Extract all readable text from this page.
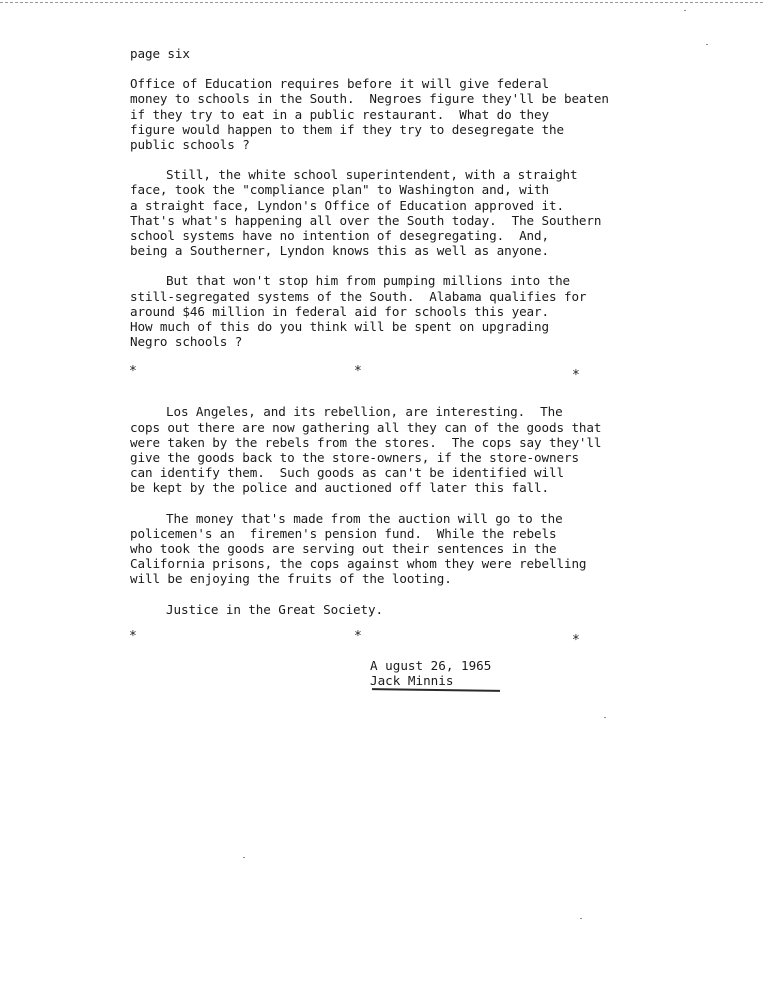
page six
Office of Education requires before it will give federal
money to schools in the South.  Negroes figure they'll be beaten
if they try to eat in a public restaurant.  What do they
figure would happen to them if they try to desegregate the
public schools ?
Still, the white school superintendent, with a straight
face, took the "compliance plan" to Washington and, with
a straight face, Lyndon's Office of Education approved it.
That's what's happening all over the South today.  The Southern
school systems have no intention of desegregating.  And,
being a Southerner, Lyndon knows this as well as anyone.
But that won't stop him from pumping millions into the
still-segregated systems of the South.  Alabama qualifies for
around $46 million in federal aid for schools this year.
How much of this do you think will be spent on upgrading
Negro schools ?
*	*	*
Los Angeles, and its rebellion, are interesting.  The
cops out there are now gathering all they can of the goods that
were taken by the rebels from the stores.  The cops say they'll
give the goods back to the store-owners, if the store-owners
can identify them.  Such goods as can't be identified will
be kept by the police and auctioned off later this fall.
The money that's made from the auction will go to the
policemen's an  firemen's pension fund.  While the rebels
who took the goods are serving out their sentences in the
California prisons, the cops against whom they were rebelling
will be enjoying the fruits of the looting.
Justice in the Great Society.
*	*	*
A ugust 26, 1965
Jack Minnis
